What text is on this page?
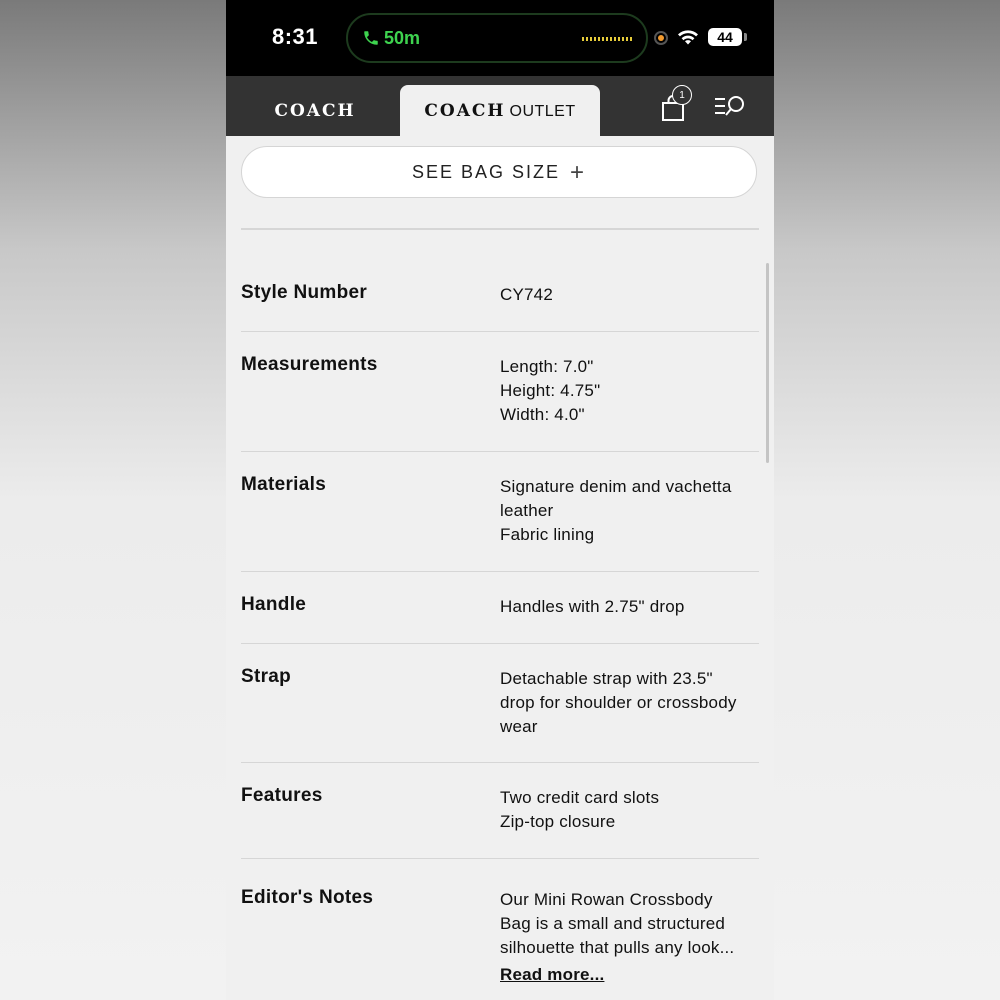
8:31	50m	44
COACH	COACH OUTLET
1
SEE BAG SIZE +
Style Number	CY742
Measurements	Length: 7.0"
Height: 4.75"
Width: 4.0"
Materials	Signature denim and vachetta
leather
Fabric lining
Handle	Handles with 2.75" drop
Strap	Detachable strap with 23.5"
drop for shoulder or crossbody
wear
Features	Two credit card slots
Zip-top closure
Editor's Notes	Our Mini Rowan Crossbody
Bag is a small and structured
silhouette that pulls any look...
Read more...
